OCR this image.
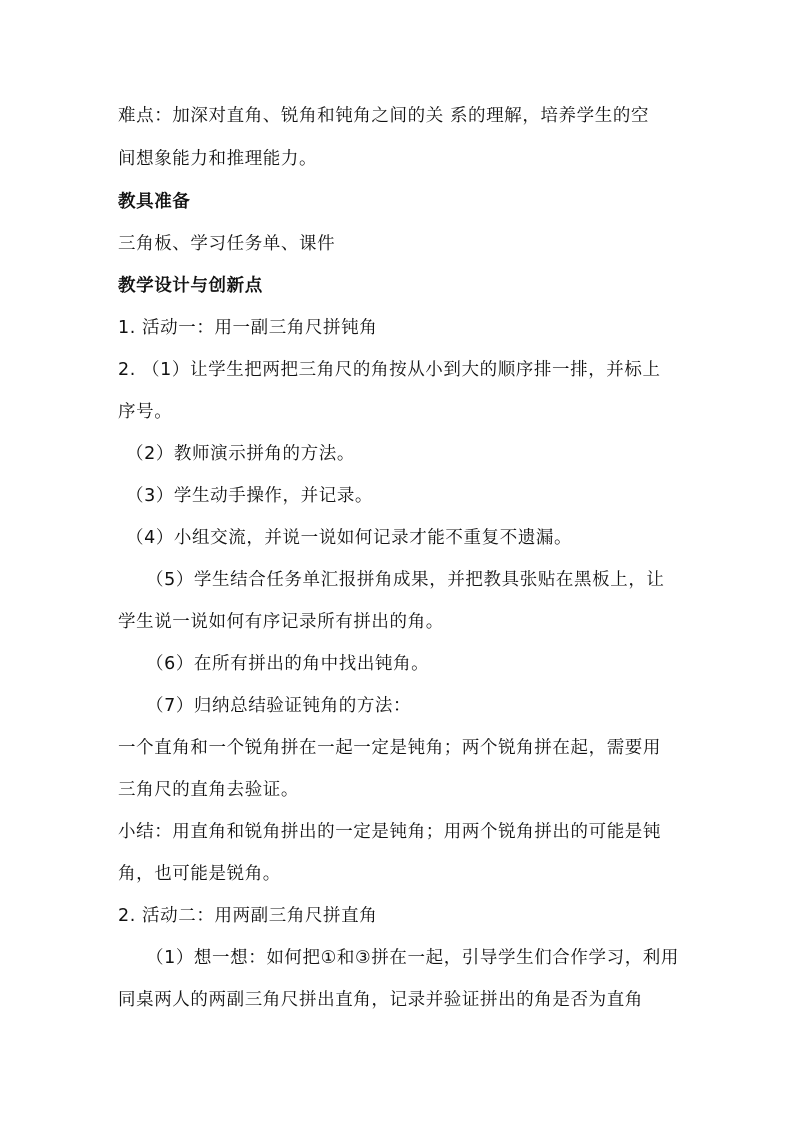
难点：加深对直角、锐角和钝角之间的关 系的理解，培养学生的空
间想象能力和推理能力。
教具准备
三角板、学习任务单、课件
教学设计与创新点
1. 活动一：用一副三角尺拼钝角
2. （1）让学生把两把三角尺的角按从小到大的顺序排一排，并标上
序号。
（2）教师演示拼角的方法。
（3）学生动手操作，并记录。
（4）小组交流，并说一说如何记录才能不重复不遗漏。
（5）学生结合任务单汇报拼角成果，并把教具张贴在黑板上，让
学生说一说如何有序记录所有拼出的角。
（6）在所有拼出的角中找出钝角。
（7）归纳总结验证钝角的方法：
一个直角和一个锐角拼在一起一定是钝角；两个锐角拼在起，需要用
三角尺的直角去验证。
小结：用直角和锐角拼出的一定是钝角；用两个锐角拼出的可能是钝
角，也可能是锐角。
2. 活动二：用两副三角尺拼直角
（1）想一想：如何把①和③拼在一起，引导学生们合作学习，利用
同桌两人的两副三角尺拼出直角，记录并验证拼出的角是否为直角
